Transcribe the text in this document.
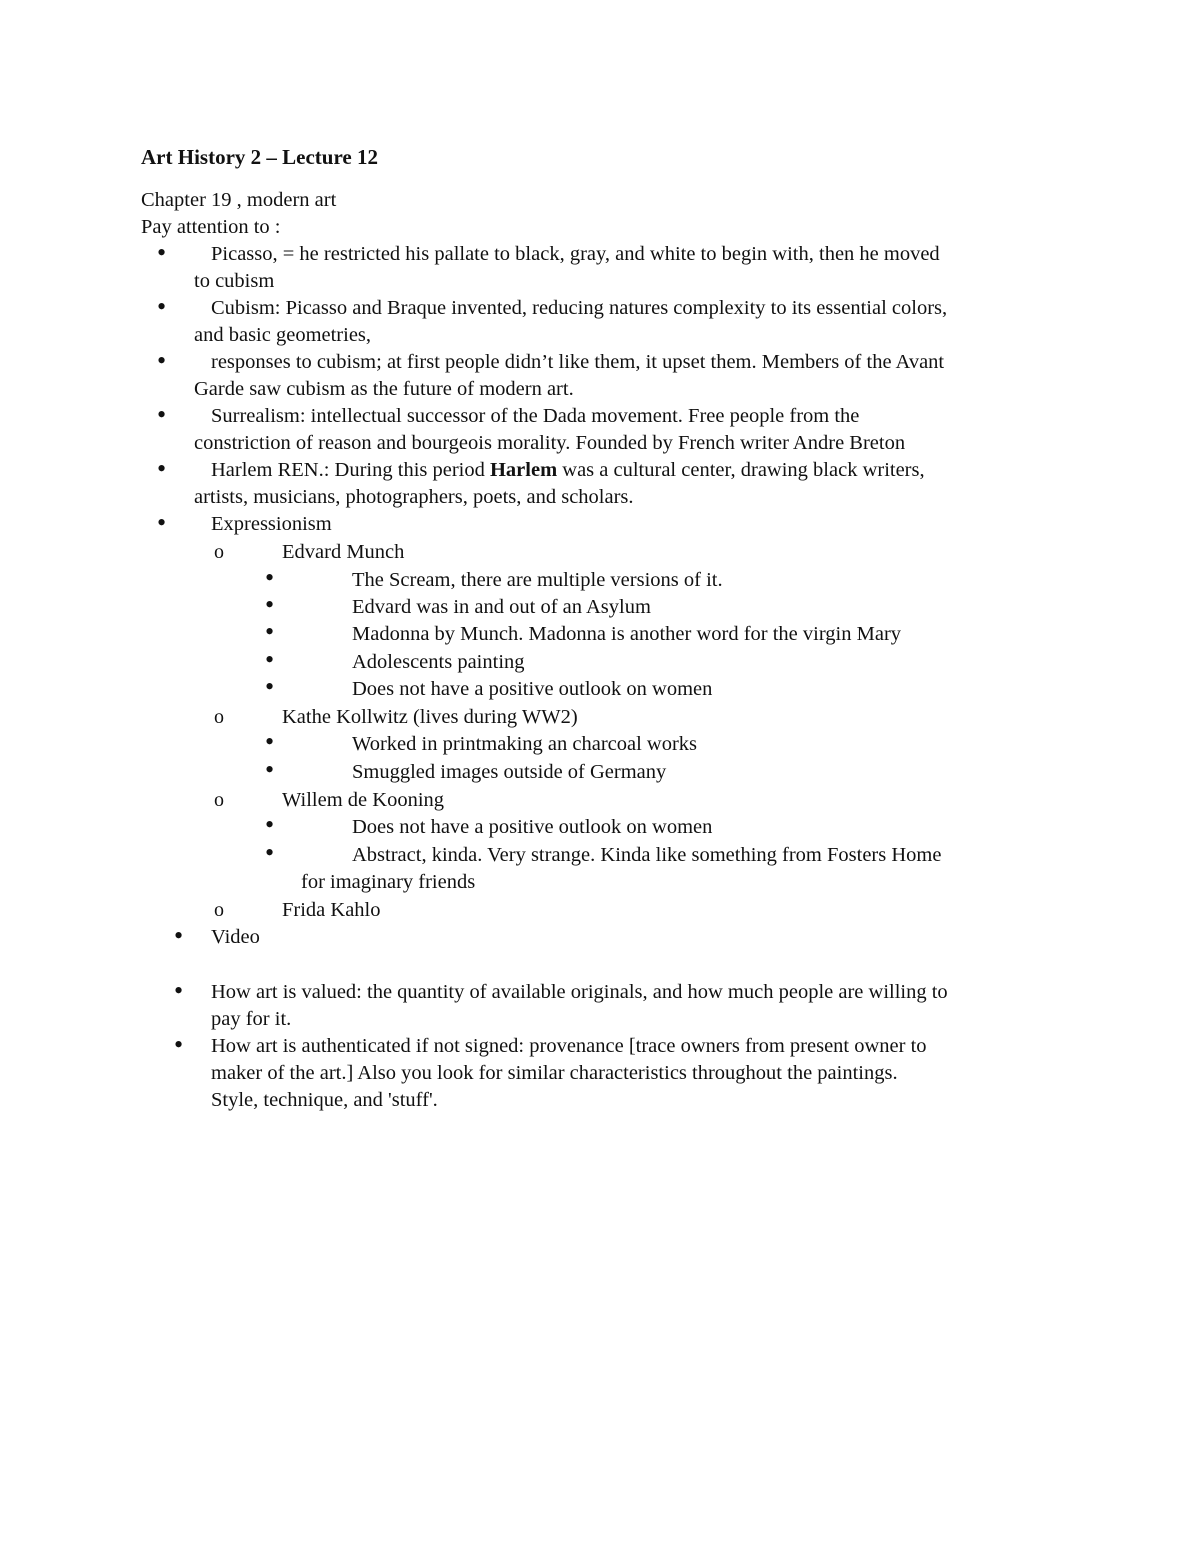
Art History 2 – Lecture 12
Chapter 19 , modern art
Pay attention to :
•
Picasso, = he restricted his pallate to black, gray, and white to begin with, then he moved
to cubism
•
Cubism: Picasso and Braque invented, reducing natures complexity to its essential colors,
and basic geometries,
•
responses to cubism; at first people didn’t like them, it upset them. Members of the Avant
Garde saw cubism as the future of modern art.
•
Surrealism: intellectual successor of the Dada movement. Free people from the
constriction of reason and bourgeois morality. Founded by French writer Andre Breton
•
Harlem REN.: During this period Harlem was a cultural center, drawing black writers,
artists, musicians, photographers, poets, and scholars.
•
Expressionism
o
Edvard Munch
•
The Scream, there are multiple versions of it.
•
Edvard was in and out of an Asylum
•
Madonna by Munch. Madonna is another word for the virgin Mary
•
Adolescents painting
•
Does not have a positive outlook on women
o
Kathe Kollwitz (lives during WW2)
•
Worked in printmaking an charcoal works
•
Smuggled images outside of Germany
o
Willem de Kooning
•
Does not have a positive outlook on women
•
Abstract, kinda. Very strange. Kinda like something from Fosters Home
for imaginary friends
o
Frida Kahlo
•
Video
•
How art is valued: the quantity of available originals, and how much people are willing to
pay for it.
•
How art is authenticated if not signed: provenance [trace owners from present owner to
maker of the art.] Also you look for similar characteristics throughout the paintings.
Style, technique, and 'stuff'.
